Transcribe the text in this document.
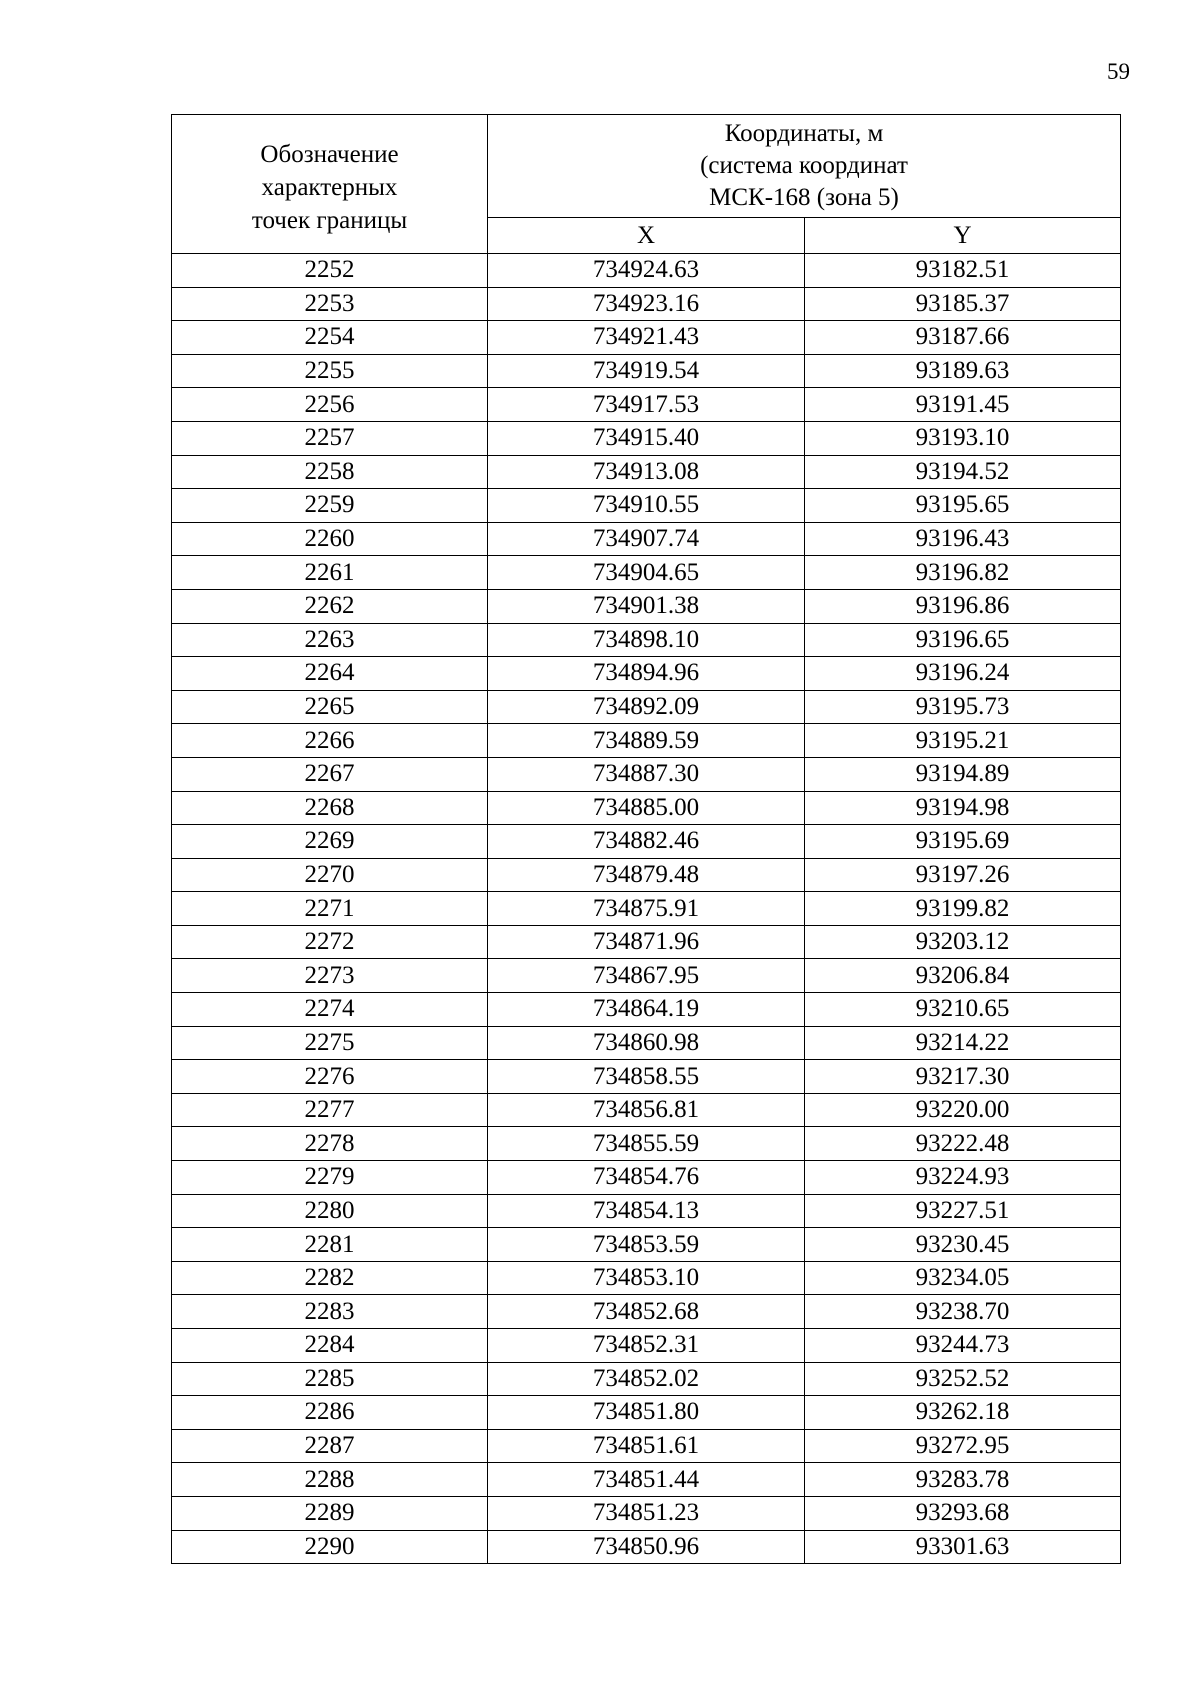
59
Обозначение
характерных
точек границы	Координаты, м
(система координат
МСК-168 (зона 5)	

	X	Y
2252	734924.63	93182.51
2253	734923.16	93185.37
2254	734921.43	93187.66
2255	734919.54	93189.63
2256	734917.53	93191.45
2257	734915.40	93193.10
2258	734913.08	93194.52
2259	734910.55	93195.65
2260	734907.74	93196.43
2261	734904.65	93196.82
2262	734901.38	93196.86
2263	734898.10	93196.65
2264	734894.96	93196.24
2265	734892.09	93195.73
2266	734889.59	93195.21
2267	734887.30	93194.89
2268	734885.00	93194.98
2269	734882.46	93195.69
2270	734879.48	93197.26
2271	734875.91	93199.82
2272	734871.96	93203.12
2273	734867.95	93206.84
2274	734864.19	93210.65
2275	734860.98	93214.22
2276	734858.55	93217.30
2277	734856.81	93220.00
2278	734855.59	93222.48
2279	734854.76	93224.93
2280	734854.13	93227.51
2281	734853.59	93230.45
2282	734853.10	93234.05
2283	734852.68	93238.70
2284	734852.31	93244.73
2285	734852.02	93252.52
2286	734851.80	93262.18
2287	734851.61	93272.95
2288	734851.44	93283.78
2289	734851.23	93293.68
2290	734850.96	93301.63
